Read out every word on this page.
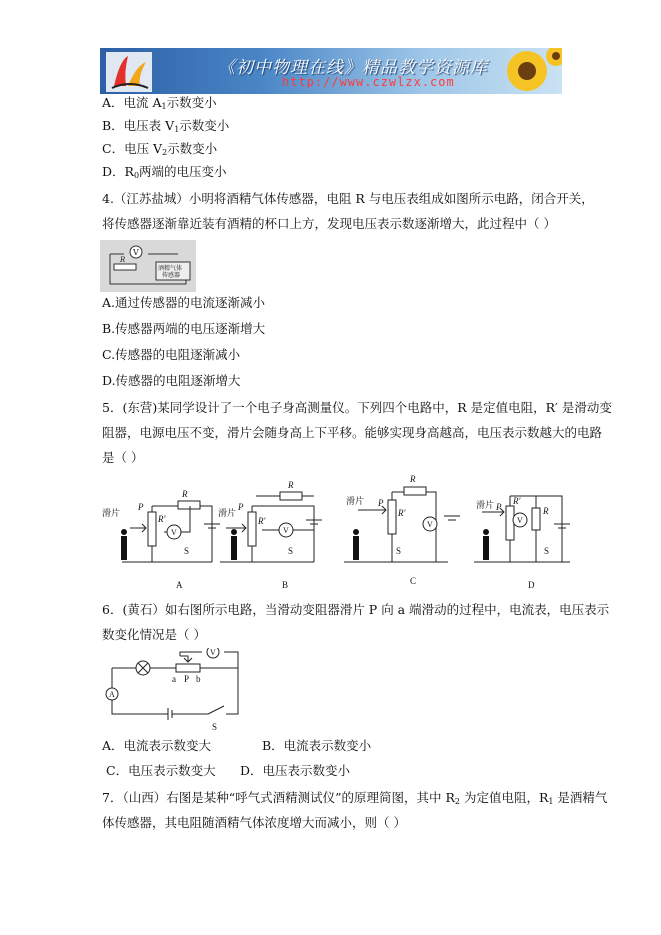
《初中物理在线》精品教学资源库
http://www.czwlzx.com
A．电流 $A_1$示数变小
B．电压表 $V_1$示数变小
C．电压 $V_2$示数变小
D．$R_0$两端的电压变小
4.（江苏盐城）小明将酒精气体传感器，电阻 R 与电压表组成如图所示电路，闭合开关，
将传感器逐渐靠近装有酒精的杯口上方，发现电压表示数逐渐增大，此过程中（ ）
V
R
酒精气体
传感器
A.通过传感器的电流逐渐减小
B.传感器两端的电压逐渐增大
C.传感器的电阻逐渐减小
D.传感器的电阻逐渐增大
5．(东营)某同学设计了一个电子身高测量仪。下列四个电路中，R 是定值电阻，R′ 是滑动变
阻器，电源电压不变，滑片会随身高上下平移。能够实现身高越高，电压表示数越大的电路
是（ ）
滑片
P
R′
R
V
S
A
滑片
P
R′
R
V
S
B
滑片 P
R′
R
V
S
C
滑片 P
R′
R
V
S
D
6．(黄石）如右图所示电路，当滑动变阻器滑片 P 向 a 端滑动的过程中，电流表，电压表示
数变化情况是（ ）
V
A
a P b
S
A．电流表示数变大	B．电流表示数变小
C．电压表示数变大 D．电压表示数变小
7．（山西）右图是某种“呼气式酒精测试仪”的原理简图，其中 $R_2$ 为定值电阻，$R_1$ 是酒精气
体传感器，其电阻随酒精气体浓度增大而减小，则（ ）
